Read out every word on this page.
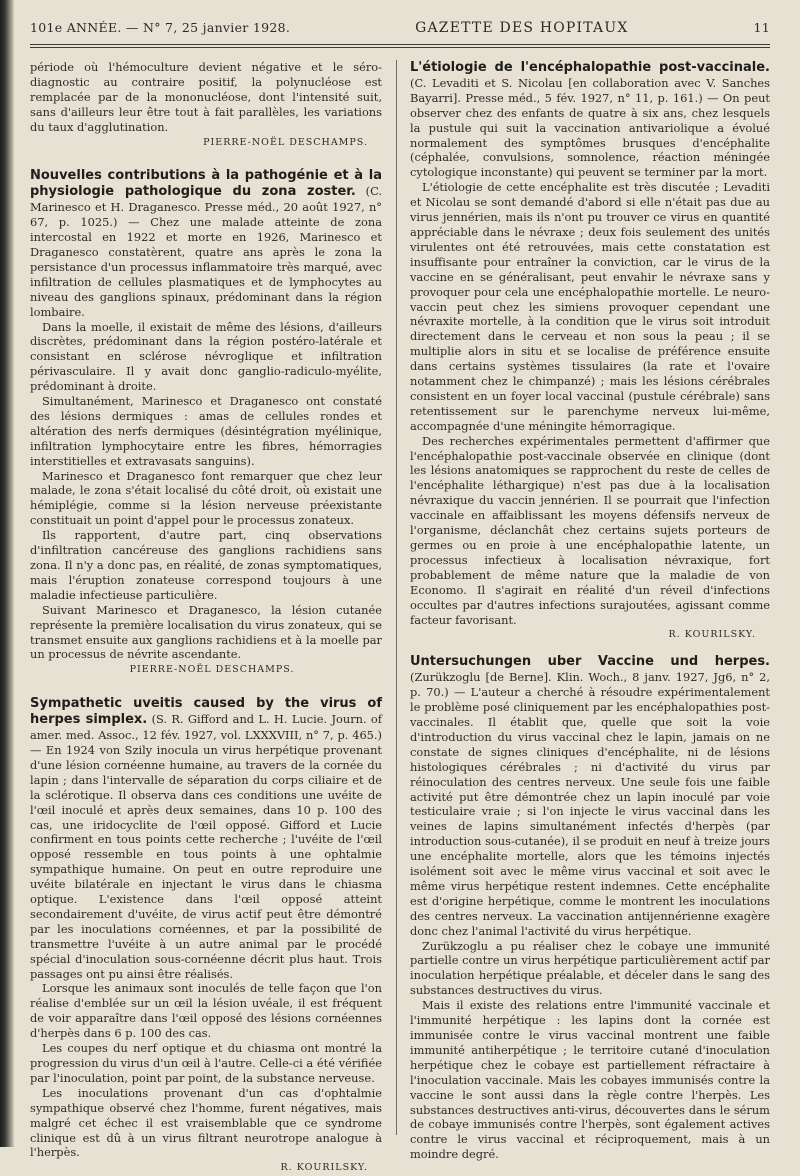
101e ANNÉE. — N° 7, 25 janvier 1928.	GAZETTE DES HOPITAUX	11

période où l'hémoculture devient négative et le séro-diagnostic au contraire positif, la polynucléose est remplacée par de la mononucléose, dont l'intensité suit, sans d'ailleurs leur être tout à fait parallèles, les variations du taux d'agglutination.

PIERRE-NOËL DESCHAMPS.

Nouvelles contributions à la pathogénie et à la physiologie pathologique du zona zoster. (C. Marinesco et H. Draganesco. Presse méd., 20 août 1927, n° 67, p. 1025.) — Chez une malade atteinte de zona intercostal en 1922 et morte en 1926, Marinesco et Draganesco constatèrent, quatre ans après le zona la persistance d'un processus inflammatoire très marqué, avec infiltration de cellules plasmatiques et de lymphocytes au niveau des ganglions spinaux, prédominant dans la région lombaire.

Dans la moelle, il existait de même des lésions, d'ailleurs discrètes, prédominant dans la région postéro-latérale et consistant en sclérose névroglique et infiltration périvasculaire. Il y avait donc ganglio-radiculo-myélite, prédominant à droite.

Simultanément, Marinesco et Draganesco ont constaté des lésions dermiques : amas de cellules rondes et altération des nerfs dermiques (désintégration myélinique, infiltration lymphocytaire entre les fibres, hémorragies interstitielles et extravasats sanguins).

Marinesco et Draganesco font remarquer que chez leur malade, le zona s'était localisé du côté droit, où existait une hémiplégie, comme si la lésion nerveuse préexistante constituait un point d'appel pour le processus zonateux.

Ils rapportent, d'autre part, cinq observations d'infiltration cancéreuse des ganglions rachidiens sans zona. Il n'y a donc pas, en réalité, de zonas symptomatiques, mais l'éruption zonateuse correspond toujours à une maladie infectieuse particulière.

Suivant Marinesco et Draganesco, la lésion cutanée représente la première localisation du virus zonateux, qui se transmet ensuite aux ganglions rachidiens et à la moelle par un processus de névrite ascendante.

PIERRE-NOËL DESCHAMPS.

Sympathetic uveitis caused by the virus of herpes simplex. (S. R. Gifford and L. H. Lucie. Journ. of amer. med. Assoc., 12 fév. 1927, vol. LXXXVIII, n° 7, p. 465.) — En 1924 von Szily inocula un virus herpétique provenant d'une lésion cornéenne humaine, au travers de la cornée du lapin ; dans l'intervalle de séparation du corps ciliaire et de la sclérotique. Il observa dans ces conditions une uvéite de l'œil inoculé et après deux semaines, dans 10 p. 100 des cas, une iridocyclite de l'œil opposé. Gifford et Lucie confirment en tous points cette recherche ; l'uvéite de l'œil opposé ressemble en tous points à une ophtalmie sympathique humaine. On peut en outre reproduire une uvéite bilatérale en injectant le virus dans le chiasma optique. L'existence dans l'œil opposé atteint secondairement d'uvéite, de virus actif peut être démontré par les inoculations cornéennes, et par la possibilité de transmettre l'uvéite à un autre animal par le procédé spécial d'inoculation sous-cornéenne décrit plus haut. Trois passages ont pu ainsi être réalisés.

Lorsque les animaux sont inoculés de telle façon que l'on réalise d'emblée sur un œil la lésion uvéale, il est fréquent de voir apparaître dans l'œil opposé des lésions cornéennes d'herpès dans 6 p. 100 des cas.

Les coupes du nerf optique et du chiasma ont montré la progression du virus d'un œil à l'autre. Celle-ci a été vérifiée par l'inoculation, point par point, de la substance nerveuse.

Les inoculations provenant d'un cas d'ophtalmie sympathique observé chez l'homme, furent négatives, mais malgré cet échec il est vraisemblable que ce syndrome clinique est dû à un virus filtrant neurotrope analogue à l'herpès.

R. KOURILSKY.

L'étiologie de l'encéphalopathie post-vaccinale. (C. Levaditi et S. Nicolau [en collaboration avec V. Sanches Bayarri]. Presse méd., 5 fév. 1927, n° 11, p. 161.) — On peut observer chez des enfants de quatre à six ans, chez lesquels la pustule qui suit la vaccination antivariolique a évolué normalement des symptômes brusques d'encéphalite (céphalée, convulsions, somnolence, réaction méningée cytologique inconstante) qui peuvent se terminer par la mort.

L'étiologie de cette encéphalite est très discutée ; Levaditi et Nicolau se sont demandé d'abord si elle n'était pas due au virus jennérien, mais ils n'ont pu trouver ce virus en quantité appréciable dans le névraxe ; deux fois seulement des unités virulentes ont été retrouvées, mais cette constatation est insuffisante pour entraîner la conviction, car le virus de la vaccine en se généralisant, peut envahir le névraxe sans y provoquer pour cela une encéphalopathie mortelle. Le neuro-vaccin peut chez les simiens provoquer cependant une névraxite mortelle, à la condition que le virus soit introduit directement dans le cerveau et non sous la peau ; il se multiplie alors in situ et se localise de préférence ensuite dans certains systèmes tissulaires (la rate et l'ovaire notamment chez le chimpanzé) ; mais les lésions cérébrales consistent en un foyer local vaccinal (pustule cérébrale) sans retentissement sur le parenchyme nerveux lui-même, accompagnée d'une méningite hémorragique.

Des recherches expérimentales permettent d'affirmer que l'encéphalopathie post-vaccinale observée en clinique (dont les lésions anatomiques se rapprochent du reste de celles de l'encéphalite léthargique) n'est pas due à la localisation névraxique du vaccin jennérien. Il se pourrait que l'infection vaccinale en affaiblissant les moyens défensifs nerveux de l'organisme, déclanchât chez certains sujets porteurs de germes ou en proie à une encéphalopathie latente, un processus infectieux à localisation névraxique, fort probablement de même nature que la maladie de von Economo. Il s'agirait en réalité d'un réveil d'infections occultes par d'autres infections surajoutées, agissant comme facteur favorisant.

R. KOURILSKY.

Untersuchungen uber Vaccine und herpes. (Zurükzoglu [de Berne]. Klin. Woch., 8 janv. 1927, Jg6, n° 2, p. 70.) — L'auteur a cherché à résoudre expérimentalement le problème posé cliniquement par les encéphalopathies post-vaccinales. Il établit que, quelle que soit la voie d'introduction du virus vaccinal chez le lapin, jamais on ne constate de signes cliniques d'encéphalite, ni de lésions histologiques cérébrales ; ni d'activité du virus par réinoculation des centres nerveux. Une seule fois une faible activité put être démontrée chez un lapin inoculé par voie testiculaire vraie ; si l'on injecte le virus vaccinal dans les veines de lapins simultanément infectés d'herpès (par introduction sous-cutanée), il se produit en neuf à treize jours une encéphalite mortelle, alors que les témoins injectés isolément soit avec le même virus vaccinal et soit avec le même virus herpétique restent indemnes. Cette encéphalite est d'origine herpétique, comme le montrent les inoculations des centres nerveux. La vaccination antijennérienne exagère donc chez l'animal l'activité du virus herpétique.

Zurükzoglu a pu réaliser chez le cobaye une immunité partielle contre un virus herpétique particulièrement actif par inoculation herpétique préalable, et déceler dans le sang des substances destructives du virus.

Mais il existe des relations entre l'immunité vaccinale et l'immunité herpétique : les lapins dont la cornée est immunisée contre le virus vaccinal montrent une faible immunité antiherpétique ; le territoire cutané d'inoculation herpétique chez le cobaye est partiellement réfractaire à l'inoculation vaccinale. Mais les cobayes immunisés contre la vaccine le sont aussi dans la règle contre l'herpès. Les substances destructives anti-virus, découvertes dans le sérum de cobaye immunisés contre l'herpès, sont également actives contre le virus vaccinal et réciproquement, mais à un moindre degré.
